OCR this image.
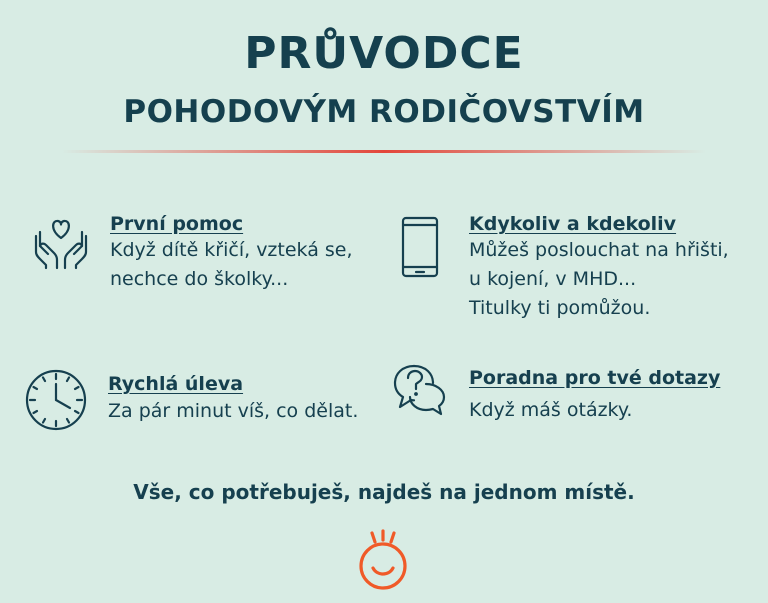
PRŮVODCE
POHODOVÝM RODIČOVSTVÍM
První pomoc
Když dítě křičí, vzteká se,
nechce do školky...
Kdykoliv a kdekoliv
Můžeš poslouchat na hřišti,
u kojení, v MHD...
Titulky ti pomůžou.
Rychlá úleva
Za pár minut víš, co dělat.
Poradna pro tvé dotazy
Když máš otázky.
Vše, co potřebuješ, najdeš na jednom místě.
